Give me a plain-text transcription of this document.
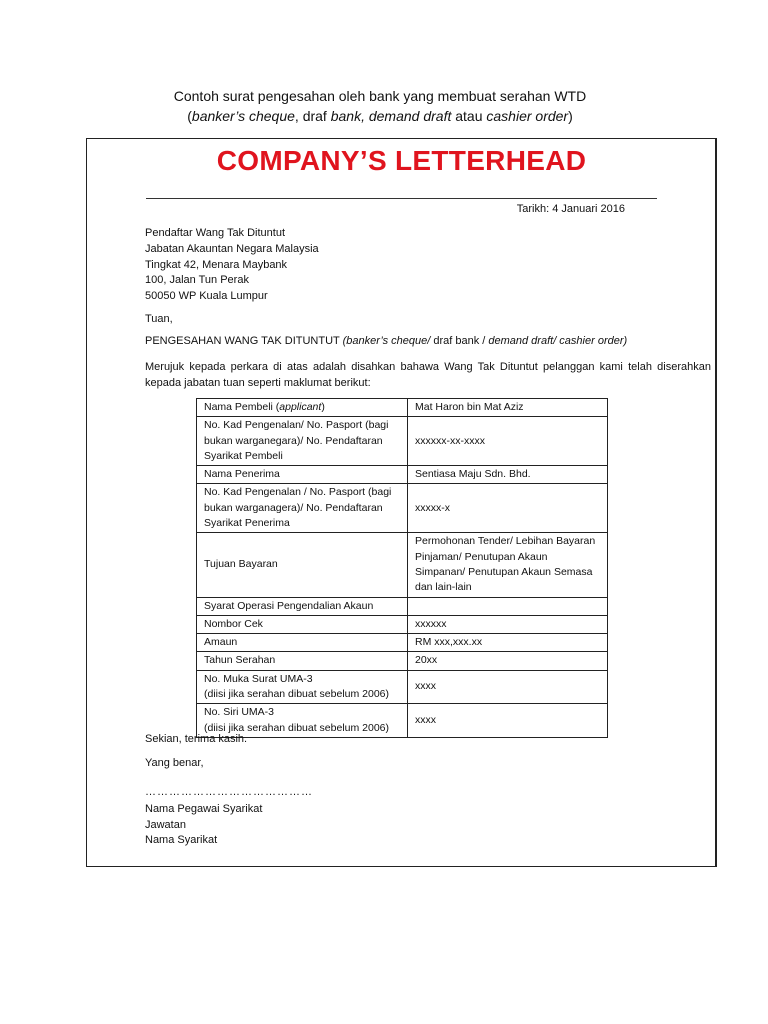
Contoh surat pengesahan oleh bank yang membuat serahan WTD
(banker’s cheque, draf bank, demand draft atau cashier order)
COMPANY’S LETTERHEAD
Tarikh: 4 Januari 2016
Pendaftar Wang Tak Dituntut
Jabatan Akauntan Negara Malaysia
Tingkat 42, Menara Maybank
100, Jalan Tun Perak
50050 WP Kuala Lumpur
Tuan,
PENGESAHAN WANG TAK DITUNTUT (banker’s cheque/ draf bank / demand draft/ cashier order)
Merujuk kepada perkara di atas adalah disahkan bahawa Wang Tak Dituntut pelanggan kami telah diserahkan kepada jabatan tuan seperti maklumat berikut:
Nama Pembeli (applicant)	Mat Haron bin Mat Aziz
No. Kad Pengenalan/ No. Pasport (bagi bukan warganegara)/ No. Pendaftaran Syarikat Pembeli	xxxxxx-xx-xxxx
Nama Penerima	Sentiasa Maju Sdn. Bhd.
No. Kad Pengenalan / No. Pasport (bagi bukan warganagera)/ No. Pendaftaran Syarikat Penerima	xxxxx-x
Tujuan Bayaran	Permohonan Tender/ Lebihan Bayaran Pinjaman/ Penutupan Akaun Simpanan/ Penutupan Akaun Semasa dan lain-lain
Syarat Operasi Pengendalian Akaun	
Nombor Cek	xxxxxx
Amaun	RM xxx,xxx.xx
Tahun Serahan	20xx

No. Muka Surat UMA-3
(diisi jika serahan dibuat sebelum 2006)	xxxx

No. Siri UMA-3
(diisi jika serahan dibuat sebelum 2006)	xxxx
Sekian, terima kasih.
Yang benar,
……………………………………
Nama Pegawai Syarikat
Jawatan
Nama Syarikat
